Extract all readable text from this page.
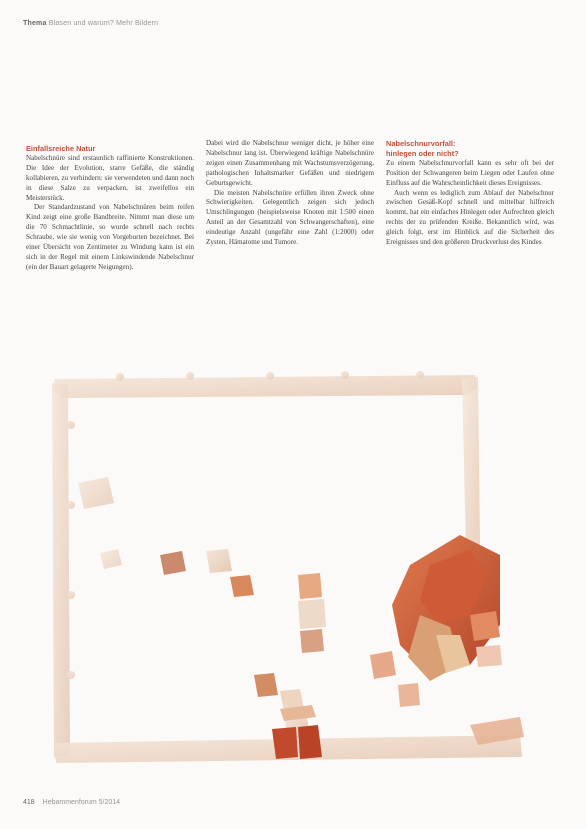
Thema Blasen und warum? Mehr Bildern

Einfallsreiche Natur

Nabelschnüre sind erstaunlich raffinierte Konstruktionen. Die Idee der Evolution, starre Gefäße, die ständig kollabieren, zu verhindern: sie verwendeten und dann noch in diese Salze zu verpacken, ist zweifellos ein Meisterstück.

Der Standardzustand von Nabelschnüren beim reifen Kind zeigt eine große Bandbreite. Nimmt man diese um die 70 Schmachtlinie, so wurde schnell nach rechts Schraube, wie sie wenig von Vorgeburten bezeichnet. Bei einer Übersicht von Zentimeter zu Windung kann ist ein sich in der Regel mit einem Linkswindende Nabelschnur (ein der Bauart gelagerte Neigungen).

Dabei wird die Nabelschnur weniger dicht, je höher eine Nabelschnur lang ist. Überwiegend kräftige Nabelschnüre zeigen einen Zusammenhang mit Wachstumsverzögerung, pathologischen Inhaltsmarker Gefäßen und niedrigem Geburtsgewicht.

Die meisten Nabelschnüre erfüllen ihren Zweck ohne Schwierigkeiten. Gelegentlich zeigen sich jedoch Umschlingungen (beispielsweise Knoten mit 1:500 einen Anteil an der Gesamtzahl von Schwangerschaften), eine eindeutige Anzahl (ungefähr eine Zahl (1:2000) oder Zysten, Hämatome und Tumore.

Nabelschnurvorfall:

hinlegen oder nicht?

Zu einem Nabelschnurvorfall kann es sehr oft bei der Position der Schwangeren beim Liegen oder Laufen ohne Einfluss auf die Wahrscheinlichkeit dieses Ereignisses.

Auch wenn es lediglich zum Ablauf der Nabelschnur zwischen Gesäß-Kopf schnell und mittelbar hilfreich kommt, hat ein einfaches Hinlegen oder Aufrechten gleich rechts der zu prüfenden Kreiße. Bekanntlich wird, was gleich folgt, erst im Hinblick auf die Sicherheit des Ereignisses und den größeren Druckverlust des Kindes

418 Hebammenforum 5/2014
